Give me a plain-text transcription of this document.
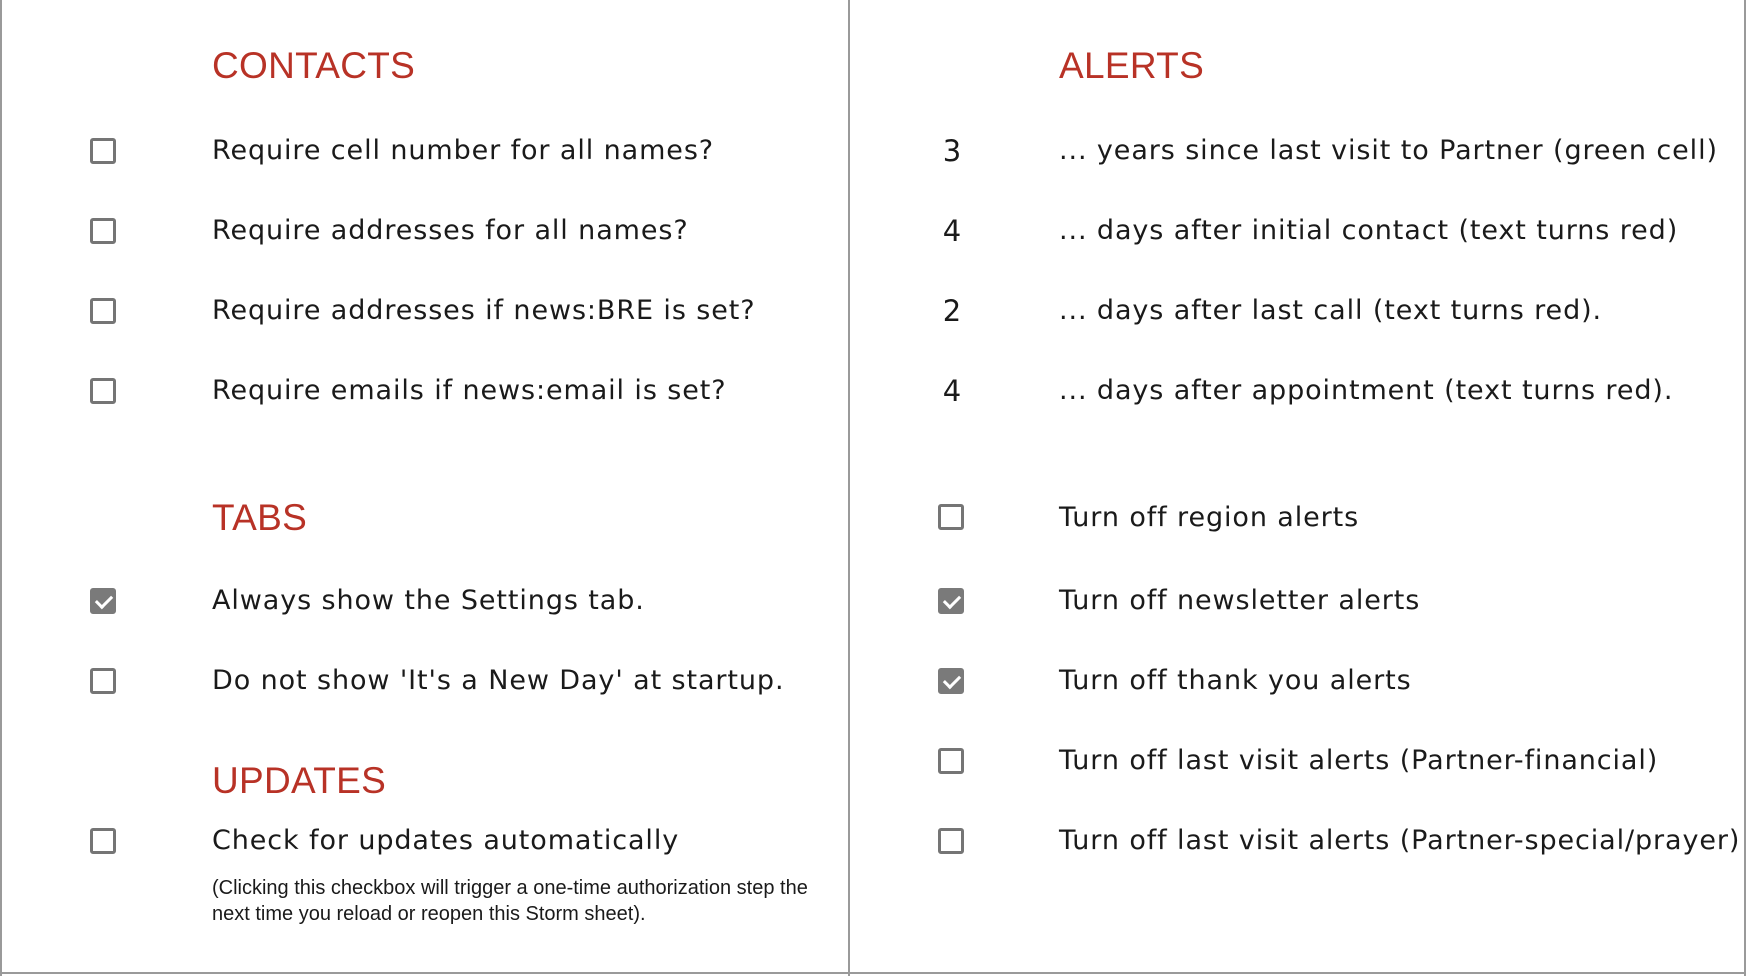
CONTACTS
Require cell number for all names?
Require addresses for all names?
Require addresses if news:BRE is set?
Require emails if news:email is set?
TABS
Always show the Settings tab.
Do not show 'It's a New Day' at startup.
UPDATES
Check for updates automatically
(Clicking this checkbox will trigger a one-time authorization step the
next time you reload or reopen this Storm sheet).
ALERTS
3	... years since last visit to Partner (green cell)
4	... days after initial contact (text turns red)
2	... days after last call (text turns red).
4	... days after appointment (text turns red).
Turn off region alerts
Turn off newsletter alerts
Turn off thank you alerts
Turn off last visit alerts (Partner-financial)
Turn off last visit alerts (Partner-special/prayer)
